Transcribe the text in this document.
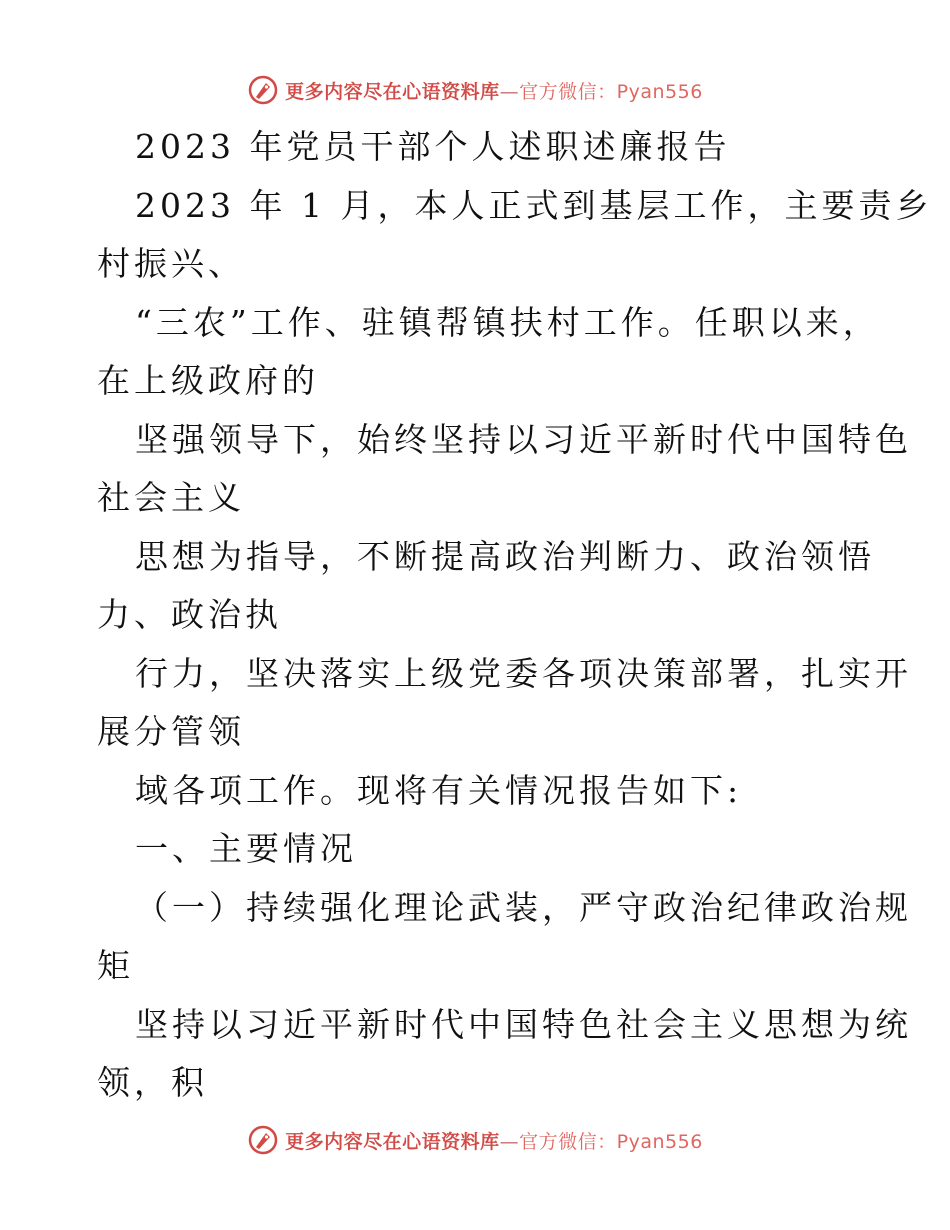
更多内容尽在心语资料库—官方微信：Pyan556
2023 年党员干部个人述职述廉报告
2023 年 1 月，本人正式到基层工作，主要责乡
村振兴、
“三农”工作、驻镇帮镇扶村工作。任职以来，
在上级政府的
坚强领导下，始终坚持以习近平新时代中国特色
社会主义
思想为指导，不断提高政治判断力、政治领悟
力、政治执
行力，坚决落实上级党委各项决策部署，扎实开
展分管领
域各项工作。现将有关情况报告如下:
一、主要情况
（一）持续强化理论武装，严守政治纪律政治规
矩
坚持以习近平新时代中国特色社会主义思想为统
领，积
更多内容尽在心语资料库—官方微信：Pyan556
